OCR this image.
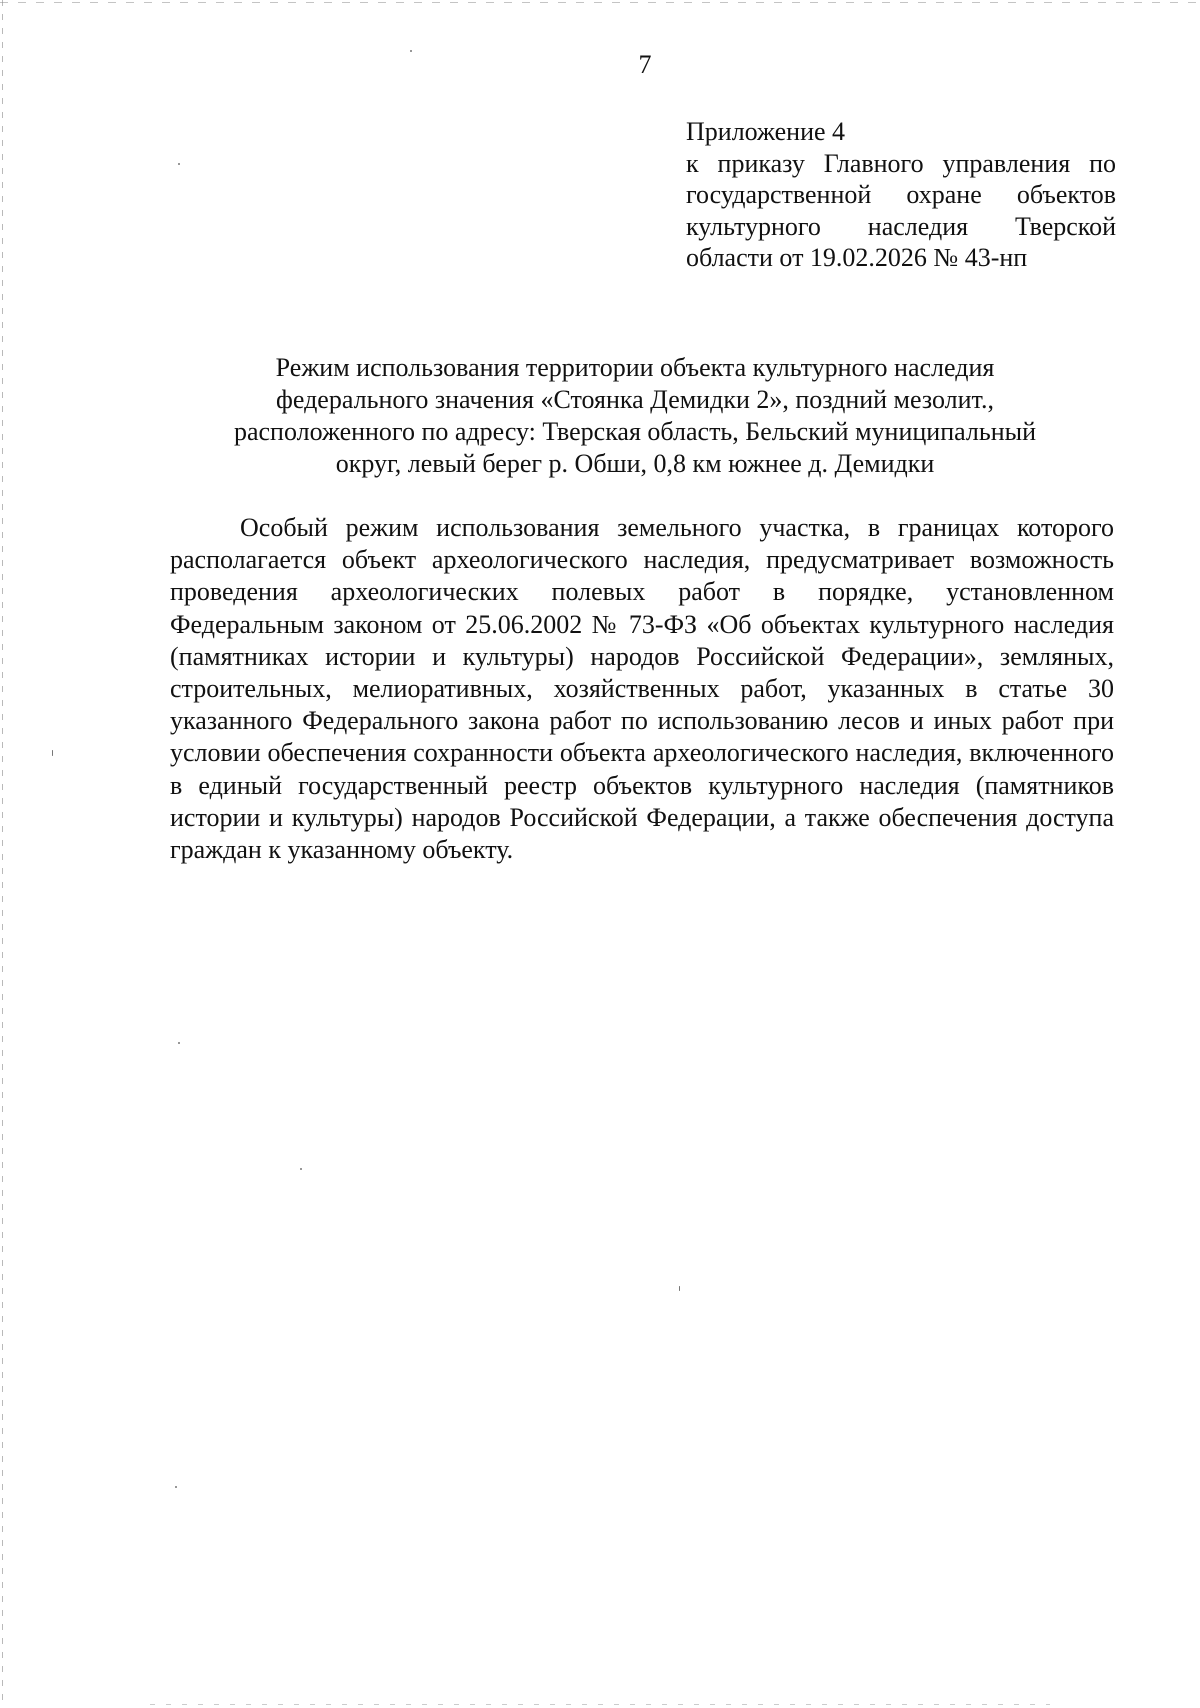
7
Приложение 4
к приказу Главного управления по государственной охране объектов культурного наследия Тверской области от 19.02.2026 № 43-нп
Режим использования территории объекта культурного наследия
федерального значения «Стоянка Демидки 2», поздний мезолит.,
расположенного по адресу: Тверская область, Бельский муниципальный
округ, левый берег р. Обши, 0,8 км южнее д. Демидки

Особый режим использования земельного участка, в границах которого располагается объект археологического наследия, предусматривает возможность проведения археологических полевых работ в порядке, установленном Федеральным законом от 25.06.2002 № 73-ФЗ «Об объектах культурного наследия (памятниках истории и культуры) народов Российской Федерации», земляных, строительных, мелиоративных, хозяйственных работ, указанных в статье 30 указанного Федерального закона работ по использованию лесов и иных работ при условии обеспечения сохранности объекта археологического наследия, включенного в единый государственный реестр объектов культурного наследия (памятников истории и культуры) народов Российской Федерации, а также обеспечения доступа граждан к указанному объекту.
